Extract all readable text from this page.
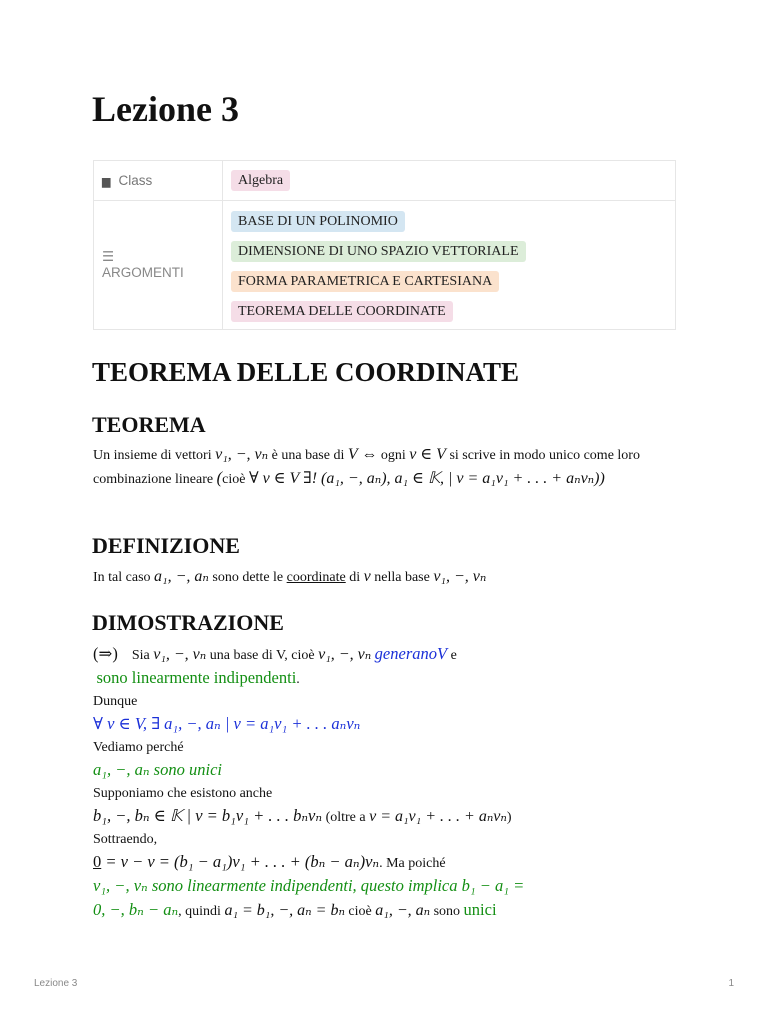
Lezione 3
▆ Class	Algebra

☰
ARGOMENTI	BASE DI UN POLINOMIO
DIMENSIONE DI UNO SPAZIO VETTORIALE
FORMA PARAMETRICA E CARTESIANA
TEOREMA DELLE COORDINATE
TEOREMA DELLE COORDINATE
TEOREMA

Un insieme di vettori v₁, −, vₙ è una base di V ⇔ ogni v ∈ V si scrive in modo unico come loro combinazione lineare (cioè ∀ v ∈ V ∃! (a₁, −, aₙ), a₁ ∈ 𝕂, | v = a₁v₁ + . . . + aₙvₙ))

DEFINIZIONE

In tal caso a₁, −, aₙ sono dette le coordinate di v nella base v₁, −, vₙ

DIMOSTRAZIONE
(⇒) Sia v₁, −, vₙ una base di V, cioè v₁, −, vₙ generanoV e
sono linearmente indipendenti.
Dunque
∀ v ∈ V, ∃ a₁, −, aₙ | v = a₁v₁ + . . . aₙvₙ
Vediamo perché
a₁, −, aₙ sono unici
Supponiamo che esistono anche
b₁, −, bₙ ∈ 𝕂 | v = b₁v₁ + . . . bₙvₙ (oltre a v = a₁v₁ + . . . + aₙvₙ)
Sottraendo,
0 = v − v = (b₁ − a₁)v₁ + . . . + (bₙ − aₙ)vₙ. Ma poiché
v₁, −, vₙ sono linearmente indipendenti, questo implica b₁ − a₁ =
0, −, bₙ − aₙ, quindi a₁ = b₁, −, aₙ = bₙ cioè a₁, −, aₙ sono unici
Lezione 3	1
